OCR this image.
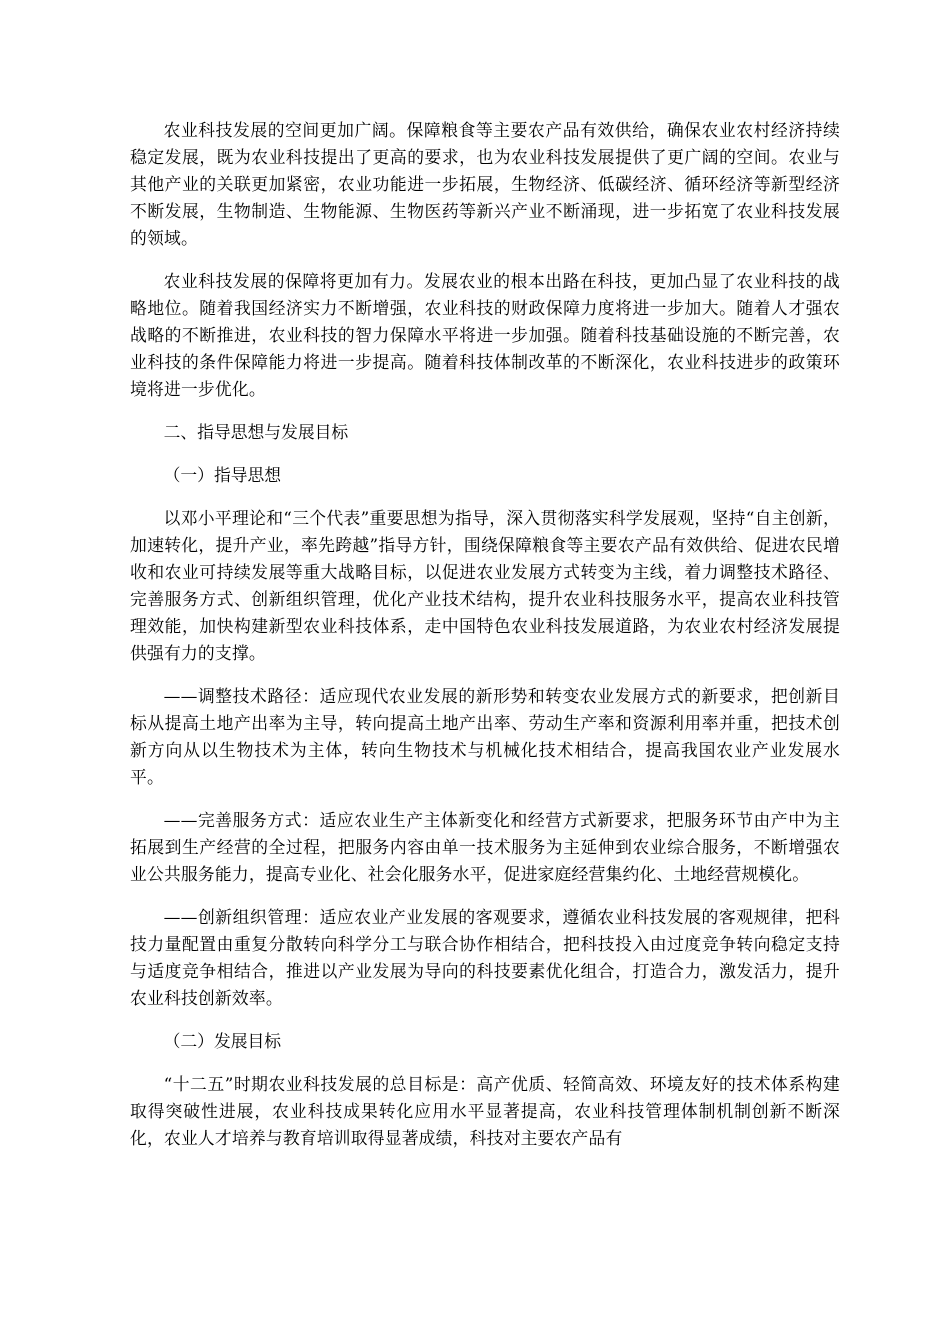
农业科技发展的空间更加广阔。保障粮食等主要农产品有效供给，确保农业农村经济持续稳定发展，既为农业科技提出了更高的要求，也为农业科技发展提供了更广阔的空间。农业与其他产业的关联更加紧密，农业功能进一步拓展，生物经济、低碳经济、循环经济等新型经济不断发展，生物制造、生物能源、生物医药等新兴产业不断涌现，进一步拓宽了农业科技发展的领域。

农业科技发展的保障将更加有力。发展农业的根本出路在科技，更加凸显了农业科技的战略地位。随着我国经济实力不断增强，农业科技的财政保障力度将进一步加大。随着人才强农战略的不断推进，农业科技的智力保障水平将进一步加强。随着科技基础设施的不断完善，农业科技的条件保障能力将进一步提高。随着科技体制改革的不断深化，农业科技进步的政策环境将进一步优化。

二、指导思想与发展目标

（一）指导思想

以邓小平理论和“三个代表”重要思想为指导，深入贯彻落实科学发展观，坚持“自主创新，加速转化，提升产业，率先跨越”指导方针，围绕保障粮食等主要农产品有效供给、促进农民增收和农业可持续发展等重大战略目标，以促进农业发展方式转变为主线，着力调整技术路径、完善服务方式、创新组织管理，优化产业技术结构，提升农业科技服务水平，提高农业科技管理效能，加快构建新型农业科技体系，走中国特色农业科技发展道路，为农业农村经济发展提供强有力的支撑。

——调整技术路径：适应现代农业发展的新形势和转变农业发展方式的新要求，把创新目标从提高土地产出率为主导，转向提高土地产出率、劳动生产率和资源利用率并重，把技术创新方向从以生物技术为主体，转向生物技术与机械化技术相结合，提高我国农业产业发展水平。

——完善服务方式：适应农业生产主体新变化和经营方式新要求，把服务环节由产中为主拓展到生产经营的全过程，把服务内容由单一技术服务为主延伸到农业综合服务，不断增强农业公共服务能力，提高专业化、社会化服务水平，促进家庭经营集约化、土地经营规模化。

——创新组织管理：适应农业产业发展的客观要求，遵循农业科技发展的客观规律，把科技力量配置由重复分散转向科学分工与联合协作相结合，把科技投入由过度竞争转向稳定支持与适度竞争相结合，推进以产业发展为导向的科技要素优化组合，打造合力，激发活力，提升农业科技创新效率。

（二）发展目标

“十二五”时期农业科技发展的总目标是：高产优质、轻简高效、环境友好的技术体系构建取得突破性进展，农业科技成果转化应用水平显著提高，农业科技管理体制机制创新不断深化，农业人才培养与教育培训取得显著成绩，科技对主要农产品有
